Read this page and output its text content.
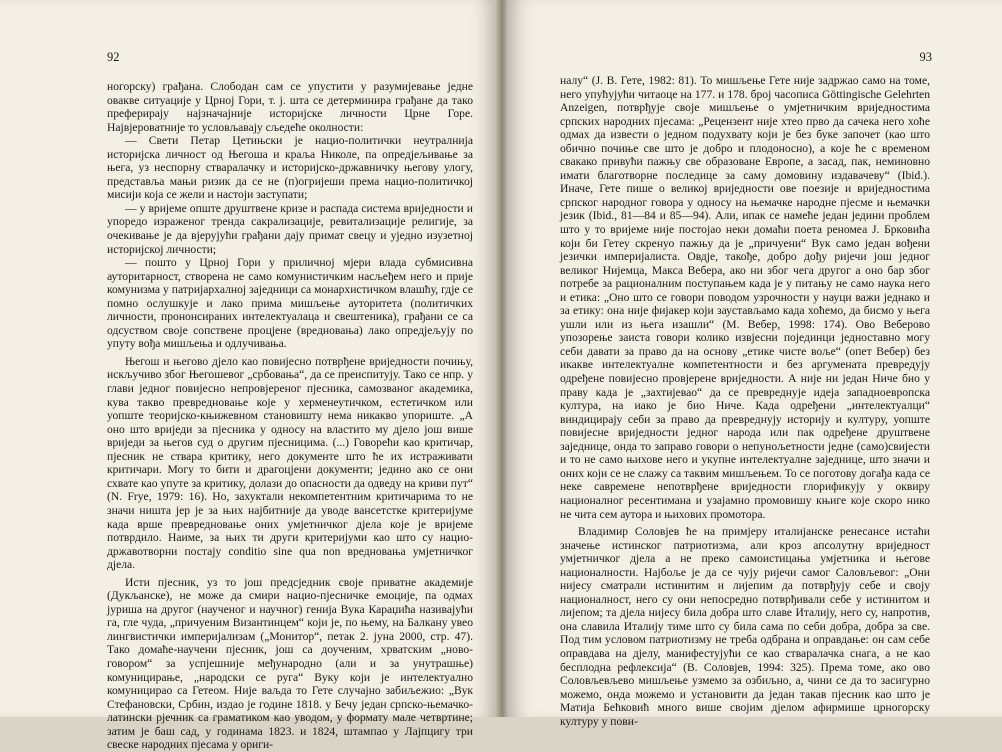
92

ногорску) грађана. Слободан сам се упустити у разумијевање једне овакве ситуације у Црној Гори, т. ј. шта се детерминира грађане да тако преферирају најзначајније историјске личности Црне Горе. Највјероватније то условљавају сљедеће околности:

— Свети Петар Цетињски је нацио-политички неутралнија историјска личност од Његоша и краља Николе, па опредјељивање за њега, уз неспорну стваралачку и историјско-државничку његову улогу, представља мањи ризик да се не (п)огријеши према нацио-политичкој мисији која се жели и настоји заступати;

— у вријеме опште друштвене кризе и распада система вриједности и упоредо израженог тренда сакрализације, ревитализације религије, за очекивање је да вјерујући грађани дају примат свецу и уједно изузетној историјској личности;

— пошто у Црној Гори у приличној мјери влада субмисивна ауторитарност, створена не само комунистичким насљеђем него и прије комунизма у патријархалној заједници са монархистичком влашћу, гдје се помно ослушкује и лако прима мишљење ауторитета (политичких личности, прононсираних интелектуалаца и свештеника), грађани се са одсуством своје сопствене процјене (вредновања) лако опредјељују по упуту вођа мишљења и одлучивања.

Његош и његово дјело као повијесно потврђене вриједности почињу, искључиво због Његошевог „србовања“, да се преиспитују. Тако се нпр. у глави једног повијесно непровјереног пјесника, самозваног академика, кува такво превредновање које у херменеутичком, естетичком или уопште теоријско-књижевном становишту нема никакво упориште. „А оно што вриједи за пјесника у односу на властито му дјело још више вриједи за његов суд о другим пјесницима. (...) Говорећи као критичар, пјесник не ствара критику, него документе што ће их истраживати критичари. Могу то бити и драгоцјени документи; једино ако се они схвате као упуте за критику, долази до опасности да одведу на криви пут“ (N. Frye, 1979: 16). Но, захуктали некомпетентним критичарима то не значи ништа јер је за њих најбитније да уводе вансетстке критеријуме када врше превредновање оних умјетничког дјела које је вријеме потврдило. Наиме, за њих ти други критеријуми као што су нацио-државотворни постају conditio sine qua non вредновања умјетничког дјела.

Исти пјесник, уз то још предсједник своје приватне академије (Дукљанске), не може да смири нацио-пјесничке емоције, па одмах јуриша на другог (наученог и научног) генија Вука Караџића називајући га, гле чуда, „причуеним Византинцем“ који је, по њему, на Балкану увео лингвистички империјализам („Монитор“, петак 2. јуна 2000, стр. 47). Тако домаће-научени пјесник, још са доученим, хрватским „ново-говором“ за успјешније међународно (али и за унутрашње) комуницирање, „народски се руга“ Вуку који је интелектуално комуницирао са Гетеом. Није ваљда то Гете случајно забиљежио: „Вук Стефановски, Србин, издао је године 1818. у Бечу један српско-њемачко-латински рјечник са граматиком као уводом, у формату мале четвртине; затим је баш сад, у годинама 1823. и 1824, штампао у Лајпцигу три свеске народних пјесама у ориги-

93

налу“ (J. В. Гете, 1982: 81). То мишљење Гете није задржао само на томе, него упућујући читаоце на 177. и 178. број часописа Göttingische Gelehrten Anzeigen, потврђује своје мишљење о умјетничким вриједностима српских народних пјесама: „Рецензент није хтео прво да сачека него хоће одмах да извести о једном подухвату који је без буке започет (као што обично почиње све што је добро и плодоносно), а које ће с временом свакако привући пажњу све образоване Европе, а засад, пак, неминовно имати благотворне последице за саму домовину издавачеву“ (Ibid.). Иначе, Гете пише о великој вриједности ове поезије и вриједностима српског народног говора у односу на њемачке народне пјесме и њемачки језик (Ibid., 81—84 и 85—94). Али, ипак се намеће један једини проблем што у то вријеме није постојао неки домаћи поета реномеа Ј. Брковића који би Гетеу скренуо пажњу да је „причуени“ Вук само један вођени језички империјалиста. Овдје, такође, добро дођу ријечи још једног великог Нијемца, Макса Вебера, ако ни због чега другог а оно бар због потребе за рационалним поступањем када је у питању не само наука него и етика: „Оно што се говори поводом узрочности у науци важи једнако и за етику: она није фијакер који заустављамо када хоћемо, да бисмо у њега ушли или из њега изашли“ (М. Вебер, 1998: 174). Ово Веберово упозорење заиста говори колико извјесни појединци једноставно могу себи давати за право да на основу „етике чисте воље“ (опет Вебер) без икакве интелектуалне компетентности и без аргумената превредују одређене повијесно провјерене вриједности. А није ни један Ниче био у праву када је „захтијевао“ да се превреднује идеја западноевропска култура, на иако је био Ниче. Када одређени „интелектуалци“ виндицирају себи за право да превреднују историју и културу, уопште повијесне вриједности једног народа или пак одређене друштвене заједнице, онда то заправо говори о непунољетности једне (само)свијести и то не само њихове него и укупне интелектуалне заједнице, што значи и оних који се не слажу са таквим мишљењем. То се поготову догађа када се неке саврeмене непотврђене вриједности глорификују у оквиру националног ресентимана и узајамно промовишу књиге које скоро нико не чита сем аутора и њихових промотора.

Владимир Соловјев ће на примјеру италијанске ренесансе истаћи значење истинског патриотизма, али кроз апсолутну вриједност умјетничког дјела а не преко самоистицања умјетника и његове националности. Најбоље је да се чују ријечи самог Саловљевог: „Они нијесу сматрали истинитим и лијепим да потврђују себе и своју националност, него су они непосредно потврђивали себе у истинитом и лијепом; та дјела нијесу била добра што славе Италију, него су, напротив, она славила Италију тиме што су била сама по себи добра, добра за све. Под тим условом патриотизму не треба одбрана и оправдање: он сам себе оправдава на дјелу, манифестујући се као стваралачка снага, а не као бесплодна рефлексија“ (В. Соловјев, 1994: 325). Према томе, ако ово Соловљевљево мишљење узмемо за озбиљно, а, чини се да то засигурно можемо, онда можемо и установити да један такав пјесник као што је Матија Бећковић много више својим дјелом афирмише црногорску културу у пови-
